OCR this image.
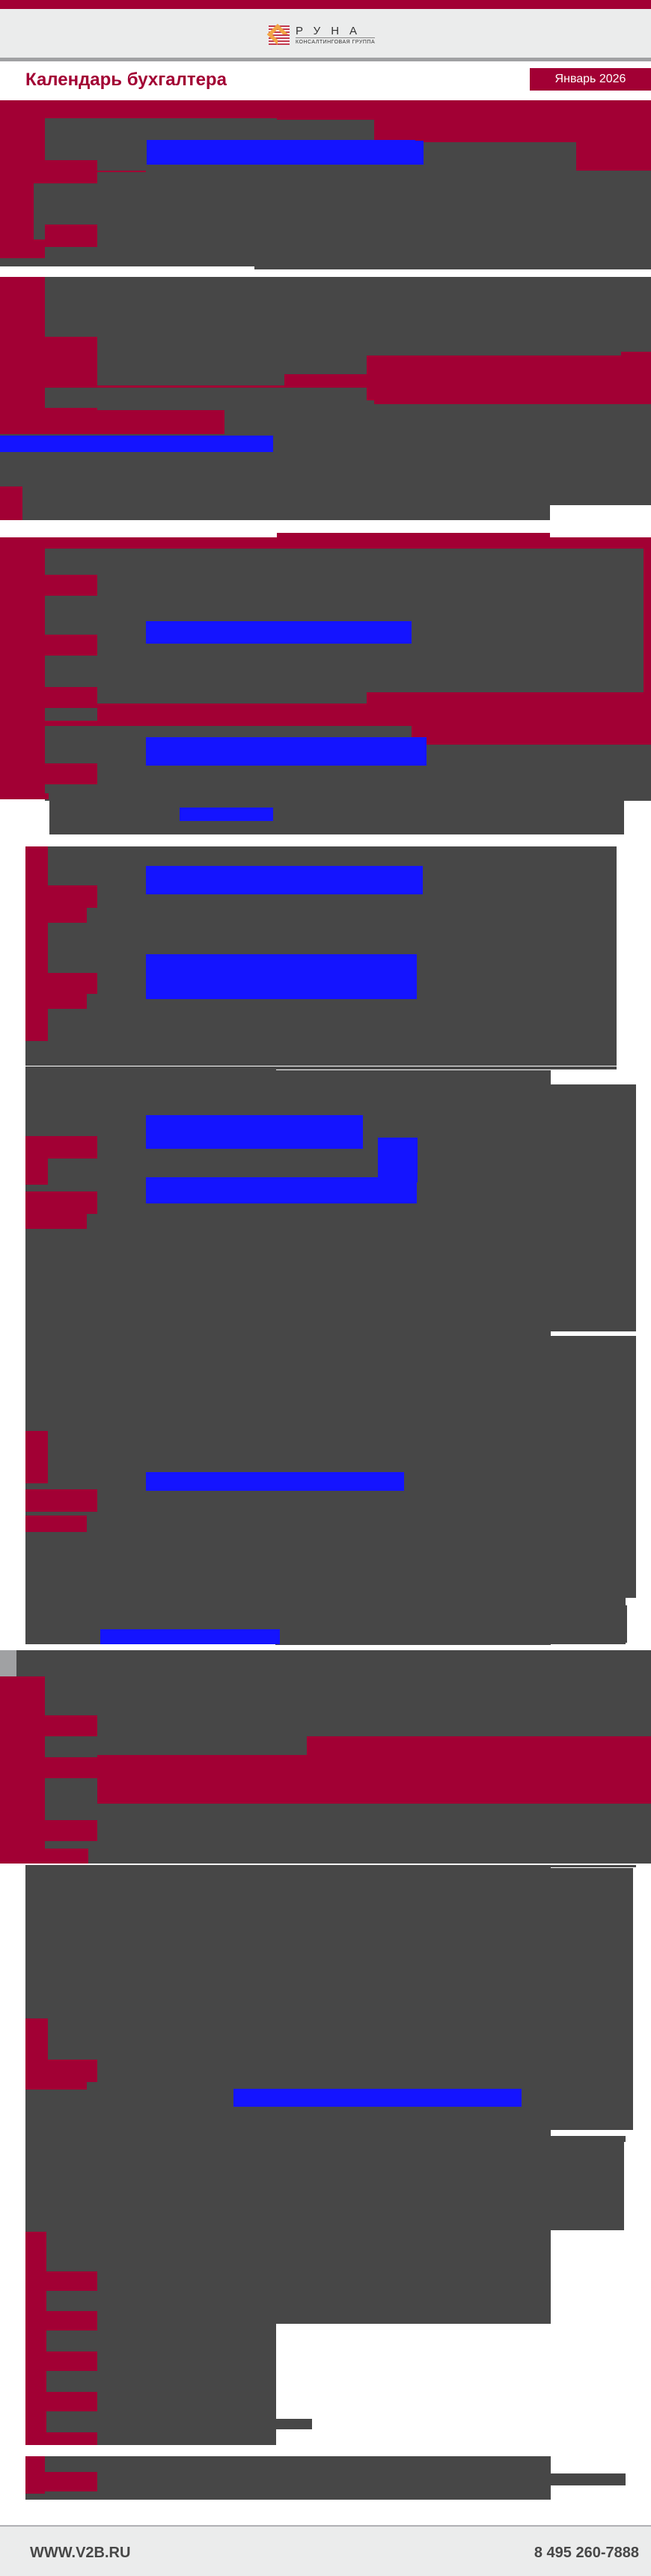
РУНА
КОНСАЛТИНГОВАЯ ГРУППА
Календарь бухгалтера	Январь 2026
WWW.V2B.RU	8 495 260-7888
